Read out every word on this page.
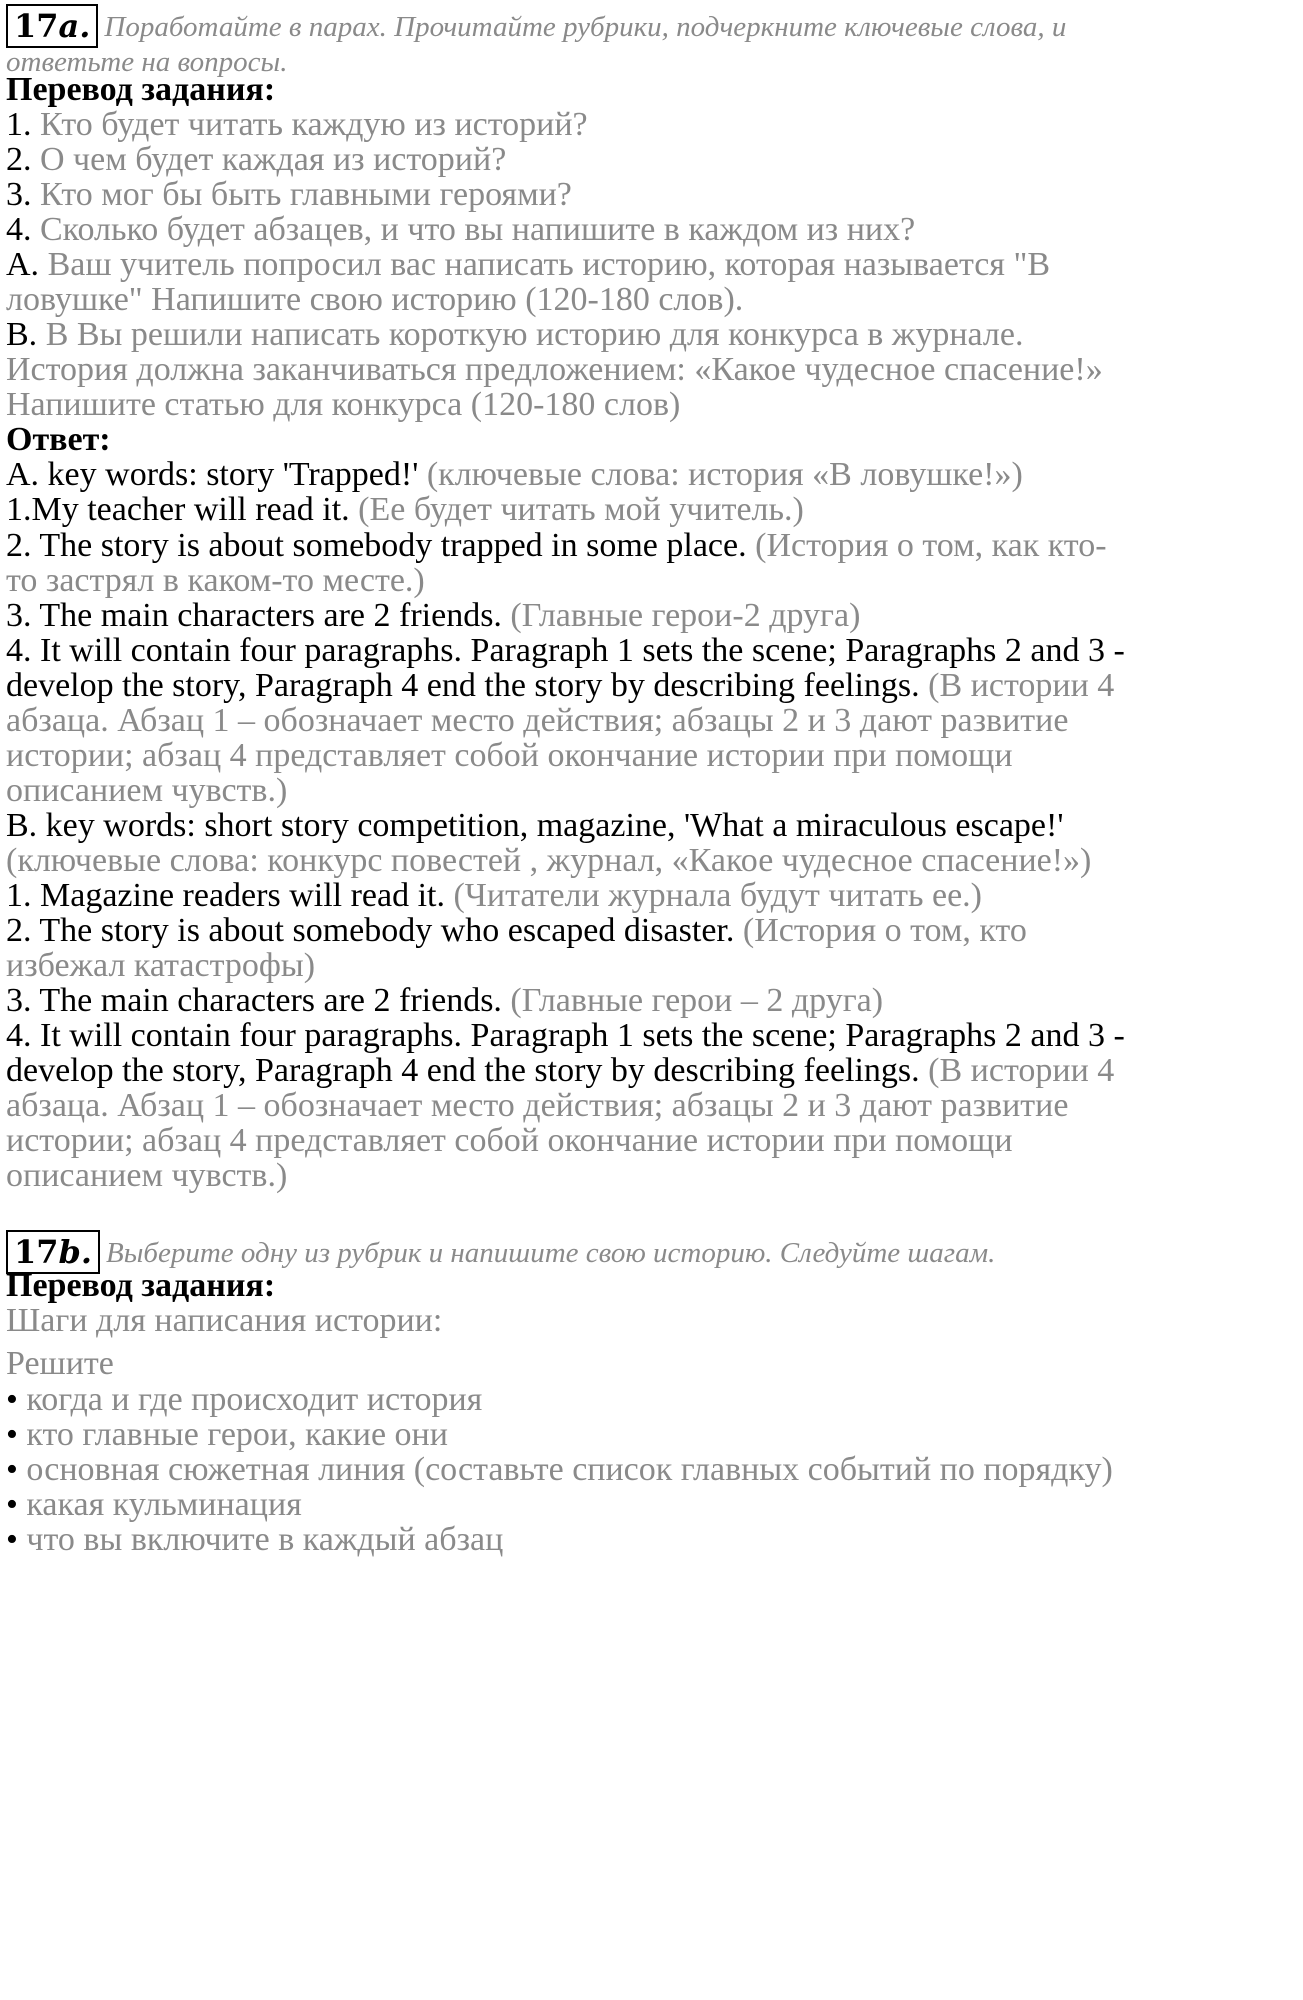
17a. Поработайте в парах. Прочитайте рубрики, подчеркните ключевые слова, и
ответьте на вопросы.
Перевод задания:
1. Кто будет читать каждую из историй?
2. О чем будет каждая из историй?
3. Кто мог бы быть главными героями?
4. Сколько будет абзацев, и что вы напишите в каждом из них?
A. Ваш учитель попросил вас написать историю, которая называется "В
ловушке" Напишите свою историю (120-180 слов).
B. В Вы решили написать короткую историю для конкурса в журнале.
История должна заканчиваться предложением: «Какое чудесное спасение!»
Напишите статью для конкурса (120-180 слов)
Ответ:
A. key words: story 'Trapped!' (ключевые слова: история «В ловушке!»)
1.My teacher will read it. (Ее будет читать мой учитель.)
2. The story is about somebody trapped in some place. (История о том, как кто-
то застрял в каком-то месте.)
3. The main characters are 2 friends. (Главные герои-2 друга)
4. It will contain four paragraphs. Paragraph 1 sets the scene; Paragraphs 2 and 3 -
develop the story, Paragraph 4 end the story by describing feelings. (В истории 4
абзаца. Абзац 1 – обозначает место действия; абзацы 2 и 3 дают развитие
истории; абзац 4 представляет собой окончание истории при помощи
описанием чувств.)
B. key words: short story competition, magazine, 'What a miraculous escape!'
(ключевые слова: конкурс повестей , журнал, «Какое чудесное спасение!»)
1. Magazine readers will read it. (Читатели журнала будут читать ее.)
2. The story is about somebody who escaped disaster. (История о том, кто
избежал катастрофы)
3. The main characters are 2 friends. (Главные герои – 2 друга)
4. It will contain four paragraphs. Paragraph 1 sets the scene; Paragraphs 2 and 3 -
develop the story, Paragraph 4 end the story by describing feelings. (В истории 4
абзаца. Абзац 1 – обозначает место действия; абзацы 2 и 3 дают развитие
истории; абзац 4 представляет собой окончание истории при помощи
описанием чувств.)
17b. Выберите одну из рубрик и напишите свою историю. Следуйте шагам.
Перевод задания:
Шаги для написания истории:
Решите
• когда и где происходит история
• кто главные герои, какие они
• основная сюжетная линия (составьте список главных событий по порядку)
• какая кульминация
• что вы включите в каждый абзац
